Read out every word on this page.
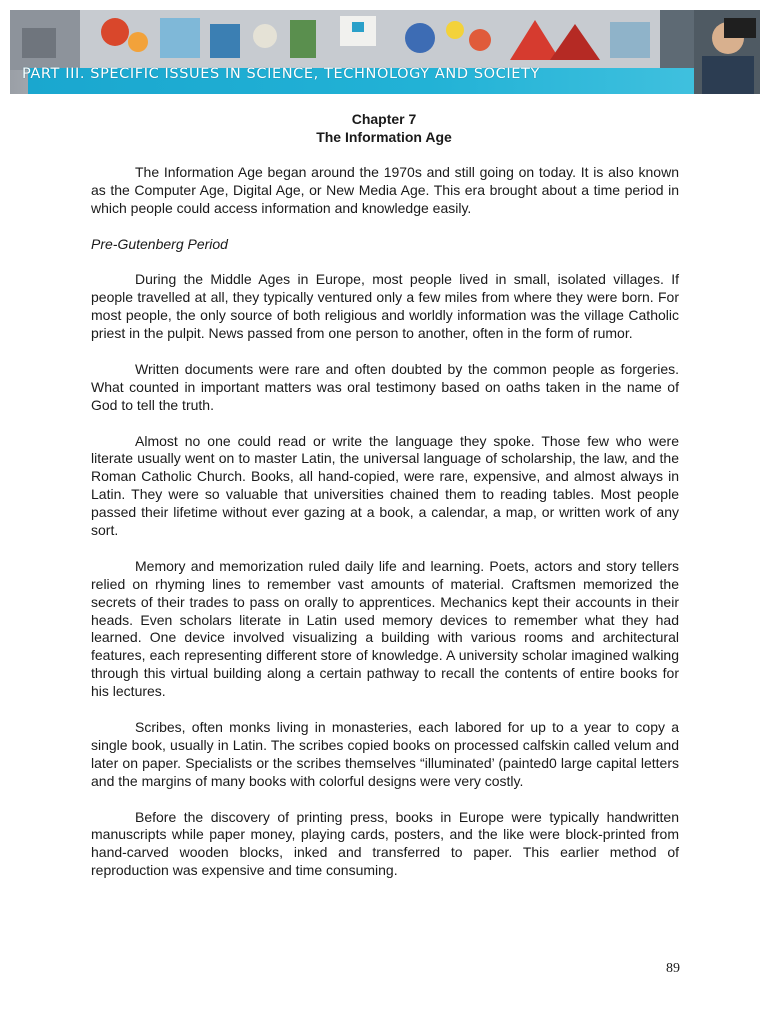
PART III. SPECIFIC ISSUES IN SCIENCE, TECHNOLOGY AND SOCIETY
Chapter 7
The Information Age

The Information Age began around the 1970s and still going on today. It is also known as the Computer Age, Digital Age, or New Media Age. This era brought about a time period in which people could access information and knowledge easily.

Pre-Gutenberg Period

During the Middle Ages in Europe, most people lived in small, isolated villages. If people travelled at all, they typically ventured only a few miles from where they were born. For most people, the only source of both religious and worldly information was the village Catholic priest in the pulpit. News passed from one person to another, often in the form of rumor.

Written documents were rare and often doubted by the common people as forgeries. What counted in important matters was oral testimony based on oaths taken in the name of God to tell the truth.

Almost no one could read or write the language they spoke. Those few who were literate usually went on to master Latin, the universal language of scholarship, the law, and the Roman Catholic Church. Books, all hand-copied, were rare, expensive, and almost always in Latin. They were so valuable that universities chained them to reading tables. Most people passed their lifetime without ever gazing at a book, a calendar, a map, or written work of any sort.

Memory and memorization ruled daily life and learning. Poets, actors and story tellers relied on rhyming lines to remember vast amounts of material. Craftsmen memorized the secrets of their trades to pass on orally to apprentices. Mechanics kept their accounts in their heads. Even scholars literate in Latin used memory devices to remember what they had learned. One device involved visualizing a building with various rooms and architectural features, each representing different store of knowledge. A university scholar imagined walking through this virtual building along a certain pathway to recall the contents of entire books for his lectures.

Scribes, often monks living in monasteries, each labored for up to a year to copy a single book, usually in Latin. The scribes copied books on processed calfskin called velum and later on paper. Specialists or the scribes themselves “illuminated’ (painted0 large capital letters and the margins of many books with colorful designs were very costly.

Before the discovery of printing press, books in Europe were typically handwritten manuscripts while paper money, playing cards, posters, and the like were block-printed from hand-carved wooden blocks, inked and transferred to paper. This earlier method of reproduction was expensive and time consuming.

89
